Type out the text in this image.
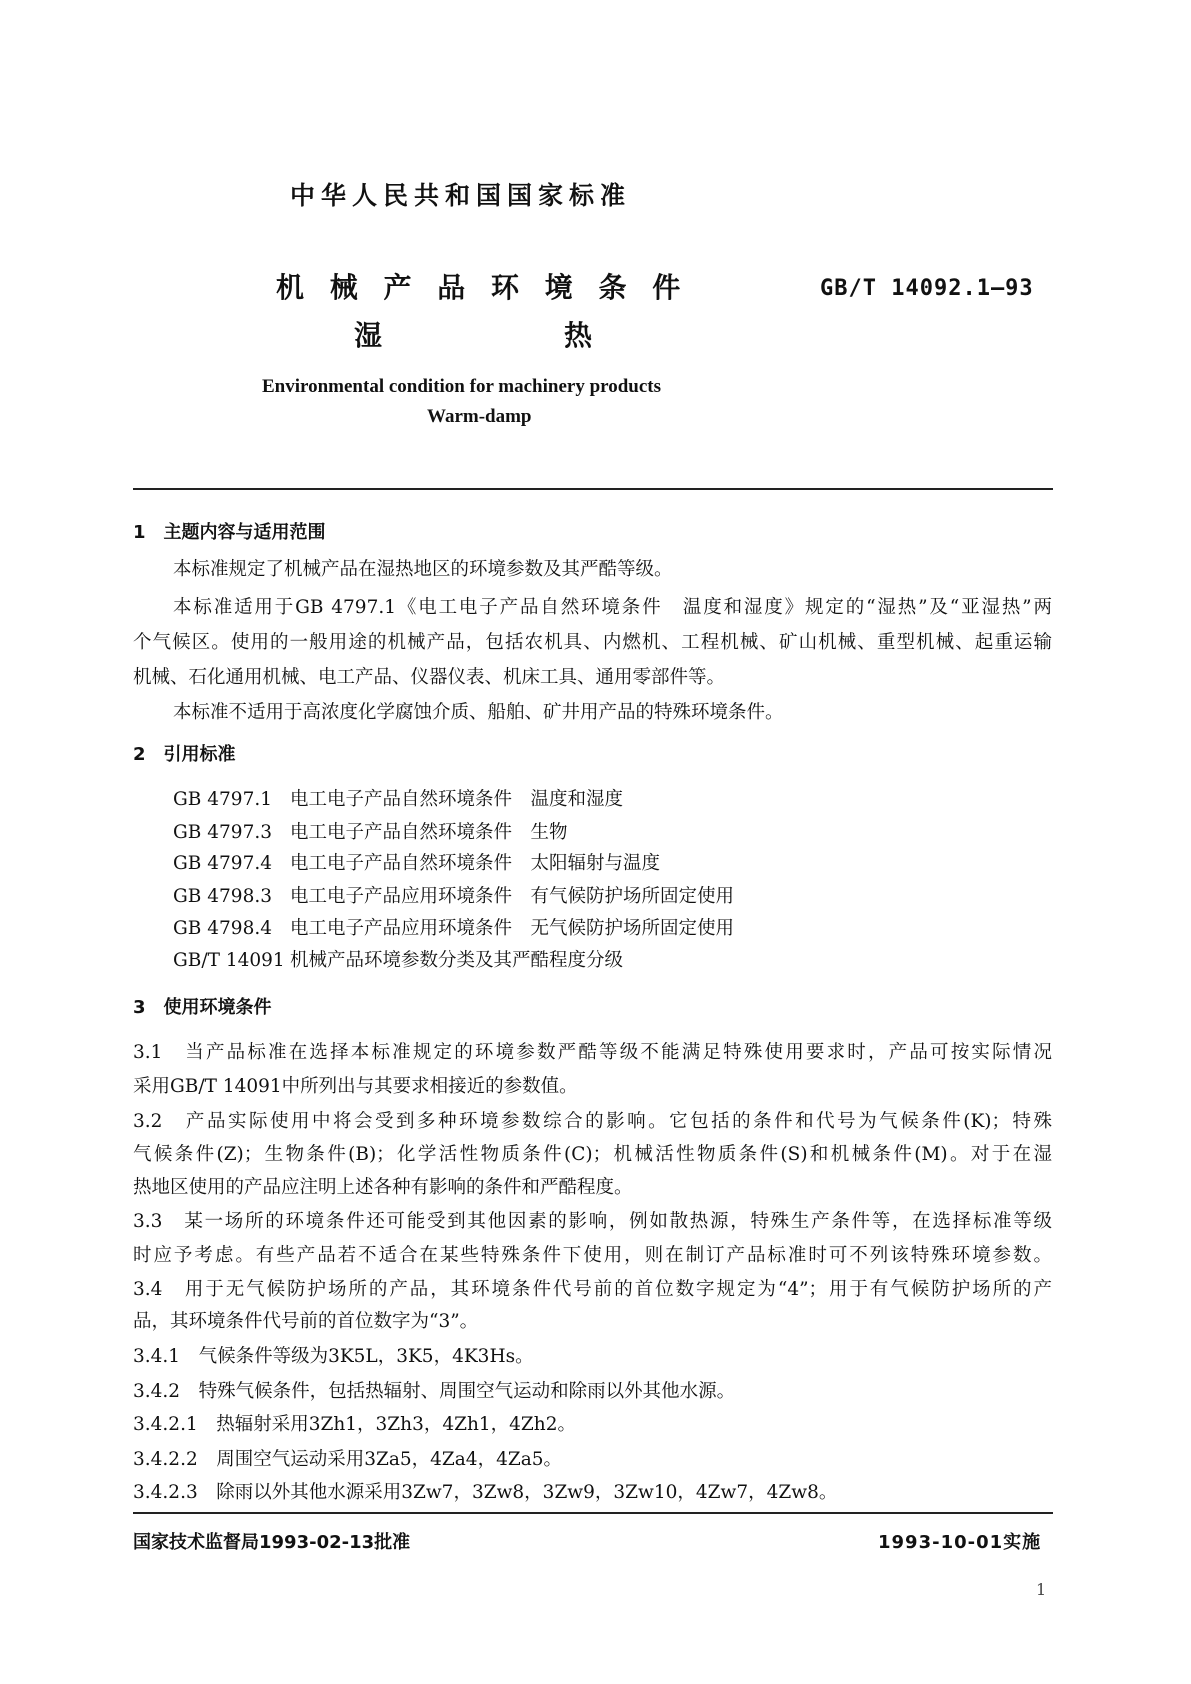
中华人民共和国国家标准
机 械 产 品 环 境 条 件	GB/T 14092.1—93
湿	热
Environmental condition for machinery products
Warm-damp
1　主题内容与适用范围
本标准规定了机械产品在湿热地区的环境参数及其严酷等级。
本标准适用于GB 4797.1《电工电子产品自然环境条件　温度和湿度》规定的“湿热”及“亚湿热”两
个气候区。使用的一般用途的机械产品，包括农机具、内燃机、工程机械、矿山机械、重型机械、起重运输
机械、石化通用机械、电工产品、仪器仪表、机床工具、通用零部件等。
本标准不适用于高浓度化学腐蚀介质、船舶、矿井用产品的特殊环境条件。
2　引用标准
GB 4797.1 电工电子产品自然环境条件　温度和湿度
GB 4797.3 电工电子产品自然环境条件　生物
GB 4797.4 电工电子产品自然环境条件　太阳辐射与温度
GB 4798.3 电工电子产品应用环境条件　有气候防护场所固定使用
GB 4798.4 电工电子产品应用环境条件　无气候防护场所固定使用
GB/T 14091 机械产品环境参数分类及其严酷程度分级
3　使用环境条件
3.1　当产品标准在选择本标准规定的环境参数严酷等级不能满足特殊使用要求时，产品可按实际情况
采用GB/T 14091中所列出与其要求相接近的参数值。
3.2　产品实际使用中将会受到多种环境参数综合的影响。它包括的条件和代号为气候条件(K)；特殊
气候条件(Z)；生物条件(B)；化学活性物质条件(C)；机械活性物质条件(S)和机械条件(M)。对于在湿
热地区使用的产品应注明上述各种有影响的条件和严酷程度。
3.3　某一场所的环境条件还可能受到其他因素的影响，例如散热源，特殊生产条件等，在选择标准等级
时应予考虑。有些产品若不适合在某些特殊条件下使用，则在制订产品标准时可不列该特殊环境参数。
3.4　用于无气候防护场所的产品，其环境条件代号前的首位数字规定为“4”；用于有气候防护场所的产
品，其环境条件代号前的首位数字为“3”。
3.4.1　气候条件等级为3K5L，3K5，4K3Hs。
3.4.2　特殊气候条件，包括热辐射、周围空气运动和除雨以外其他水源。
3.4.2.1　热辐射采用3Zh1，3Zh3，4Zh1，4Zh2。
3.4.2.2　周围空气运动采用3Za5，4Za4，4Za5。
3.4.2.3　除雨以外其他水源采用3Zw7，3Zw8，3Zw9，3Zw10，4Zw7，4Zw8。
国家技术监督局1993-02-13批准	1993-10-01实施
1
